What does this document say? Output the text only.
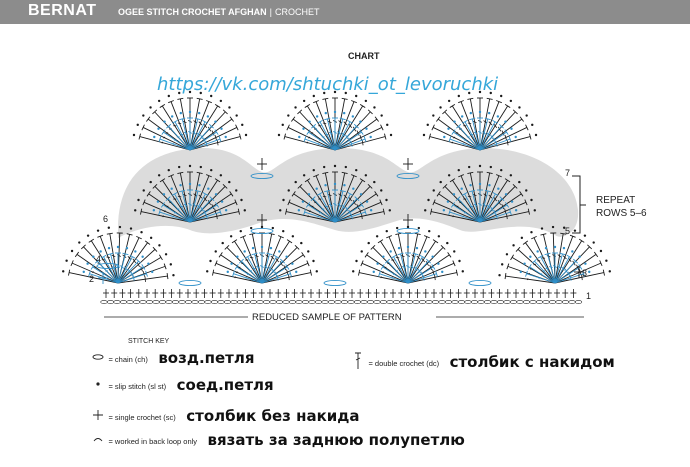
BERNAT OGEE STITCH CROCHET AFGHAN | CROCHET
CHART
1
2
3
4
5
6
7
REPEAT
ROWS 5–6
REDUCED SAMPLE OF PATTERN
https://vk.com/shtuchki_ot_levoruchki
STITCH KEY
= chain (ch) возд.петля
= slip stitch (sl st) соед.петля
= single crochet (sc) столбик без накида
= worked in back loop only вязать за заднюю полупетлю
= double crochet (dc) столбик с накидом
